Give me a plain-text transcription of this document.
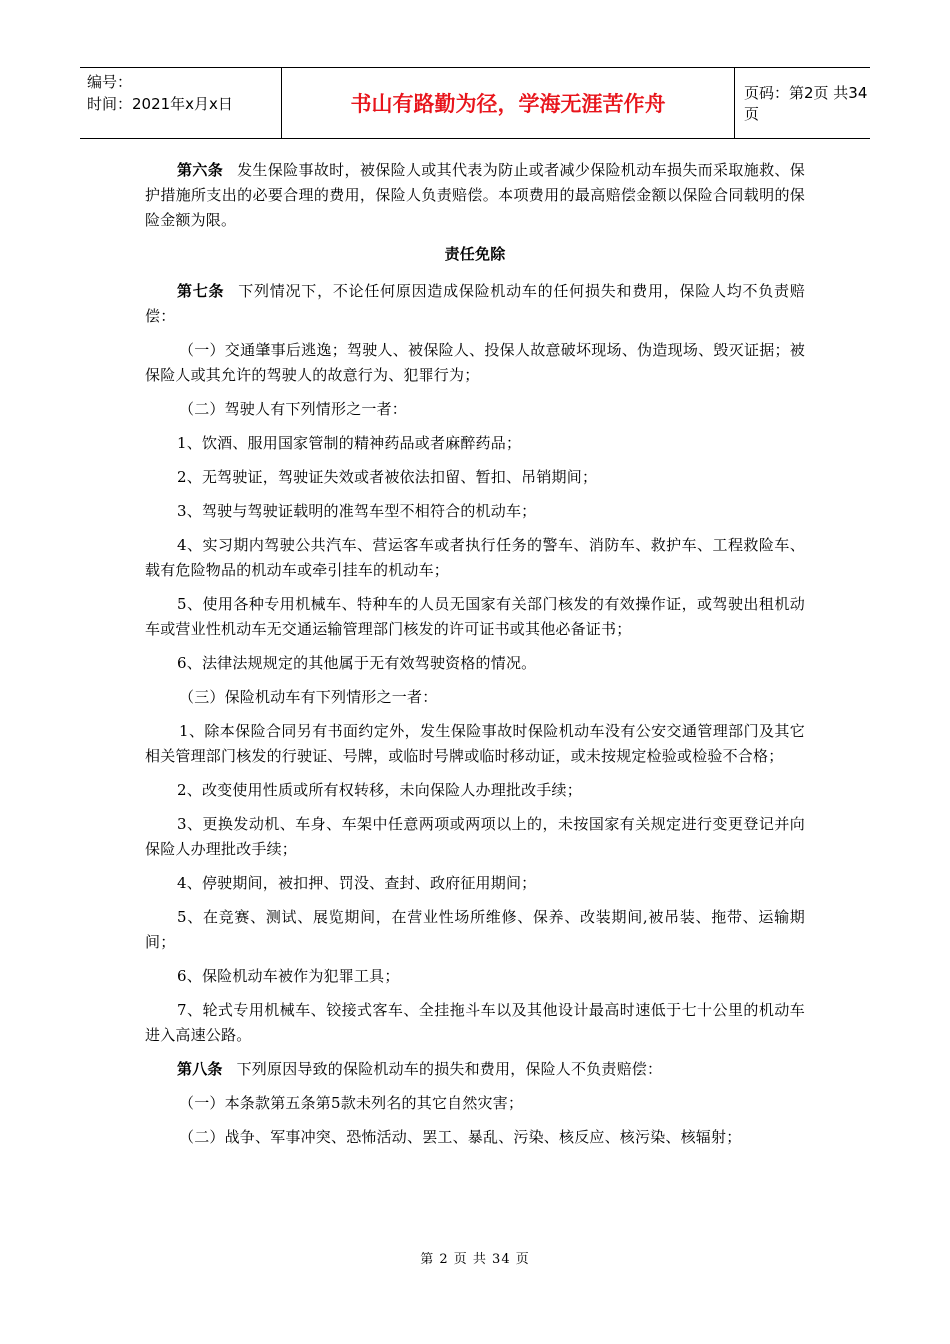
编号：
时间：2021年x月x日	书山有路勤为径，学海无涯苦作舟	页码：第2页 共34页

第六条 发生保险事故时，被保险人或其代表为防止或者减少保险机动车损失而采取施救、保护措施所支出的必要合理的费用，保险人负责赔偿。本项费用的最高赔偿金额以保险合同载明的保险金额为限。

责任免除

第七条 下列情况下，不论任何原因造成保险机动车的任何损失和费用，保险人均不负责赔偿：

（一）交通肇事后逃逸；驾驶人、被保险人、投保人故意破坏现场、伪造现场、毁灭证据；被保险人或其允许的驾驶人的故意行为、犯罪行为；

（二）驾驶人有下列情形之一者：

1、饮酒、服用国家管制的精神药品或者麻醉药品；

2、无驾驶证，驾驶证失效或者被依法扣留、暂扣、吊销期间；

3、驾驶与驾驶证载明的准驾车型不相符合的机动车；

4、实习期内驾驶公共汽车、营运客车或者执行任务的警车、消防车、救护车、工程救险车、载有危险物品的机动车或牵引挂车的机动车；

5、使用各种专用机械车、特种车的人员无国家有关部门核发的有效操作证，或驾驶出租机动车或营业性机动车无交通运输管理部门核发的许可证书或其他必备证书；

6、法律法规规定的其他属于无有效驾驶资格的情况。

（三）保险机动车有下列情形之一者：

1、除本保险合同另有书面约定外，发生保险事故时保险机动车没有公安交通管理部门及其它相关管理部门核发的行驶证、号牌，或临时号牌或临时移动证，或未按规定检验或检验不合格；

2、改变使用性质或所有权转移，未向保险人办理批改手续；

3、更换发动机、车身、车架中任意两项或两项以上的，未按国家有关规定进行变更登记并向保险人办理批改手续；

4、停驶期间，被扣押、罚没、查封、政府征用期间；

5、在竞赛、测试、展览期间，在营业性场所维修、保养、改装期间,被吊装、拖带、运输期间；

6、保险机动车被作为犯罪工具；

7、轮式专用机械车、铰接式客车、全挂拖斗车以及其他设计最高时速低于七十公里的机动车进入高速公路。

第八条 下列原因导致的保险机动车的损失和费用，保险人不负责赔偿：

（一）本条款第五条第5款未列名的其它自然灾害；

（二）战争、军事冲突、恐怖活动、罢工、暴乱、污染、核反应、核污染、核辐射；

第 2 页 共 34 页
